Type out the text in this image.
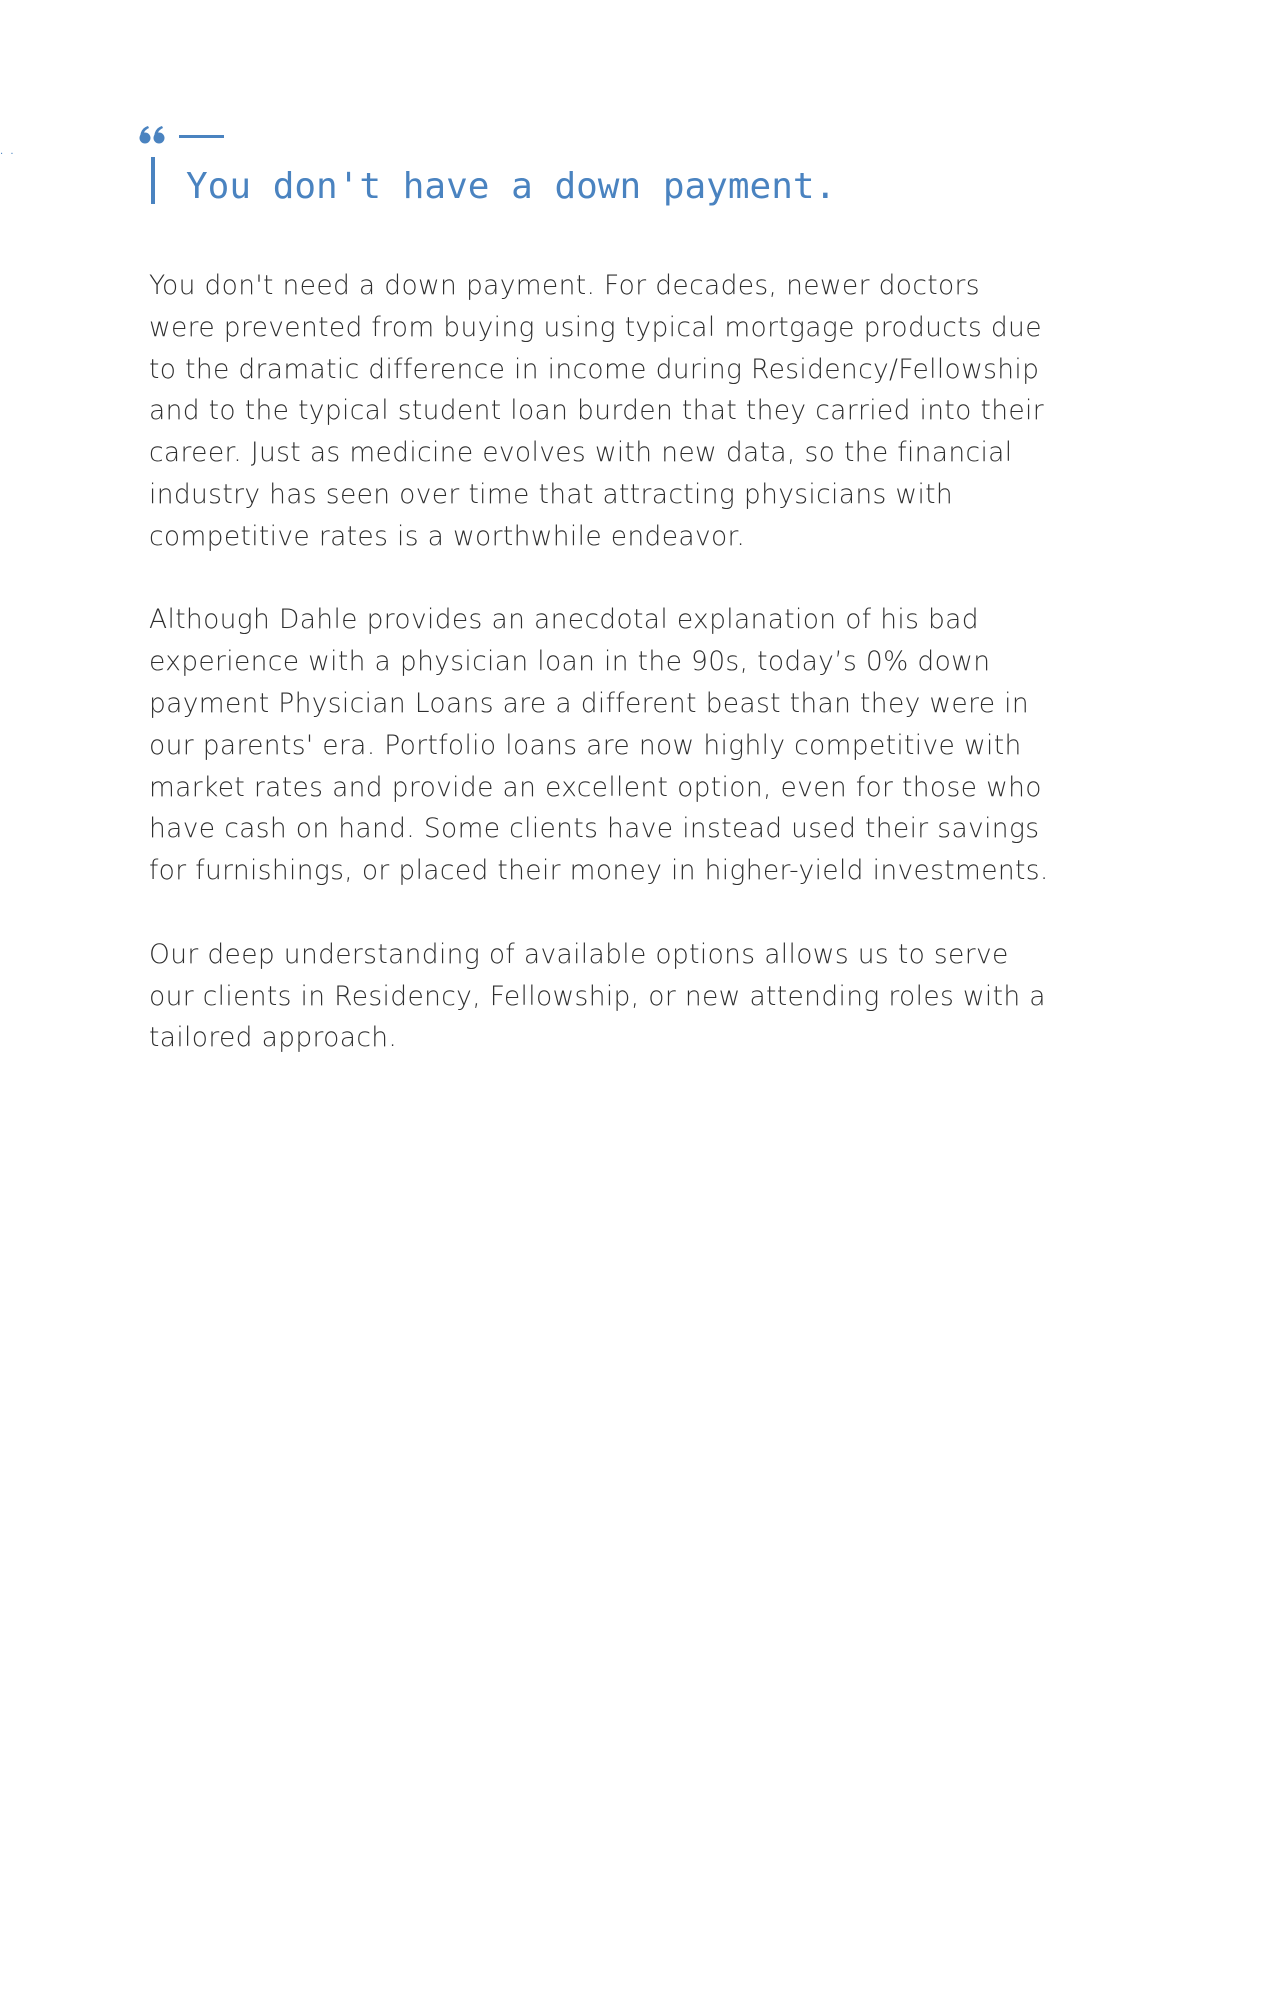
· ·
You don't have a down payment.

You don't need a down payment. For decades, newer doctors
were prevented from buying using typical mortgage products due
to the dramatic difference in income during Residency/Fellowship
and to the typical student loan burden that they carried into their
career. Just as medicine evolves with new data, so the financial
industry has seen over time that attracting physicians with
competitive rates is a worthwhile endeavor.

Although Dahle provides an anecdotal explanation of his bad
experience with a physician loan in the 90s, today’s 0% down
payment Physician Loans are a different beast than they were in
our parents' era. Portfolio loans are now highly competitive with
market rates and provide an excellent option, even for those who
have cash on hand. Some clients have instead used their savings
for furnishings, or placed their money in higher-yield investments.

Our deep understanding of available options allows us to serve
our clients in Residency, Fellowship, or new attending roles with a
tailored approach.
